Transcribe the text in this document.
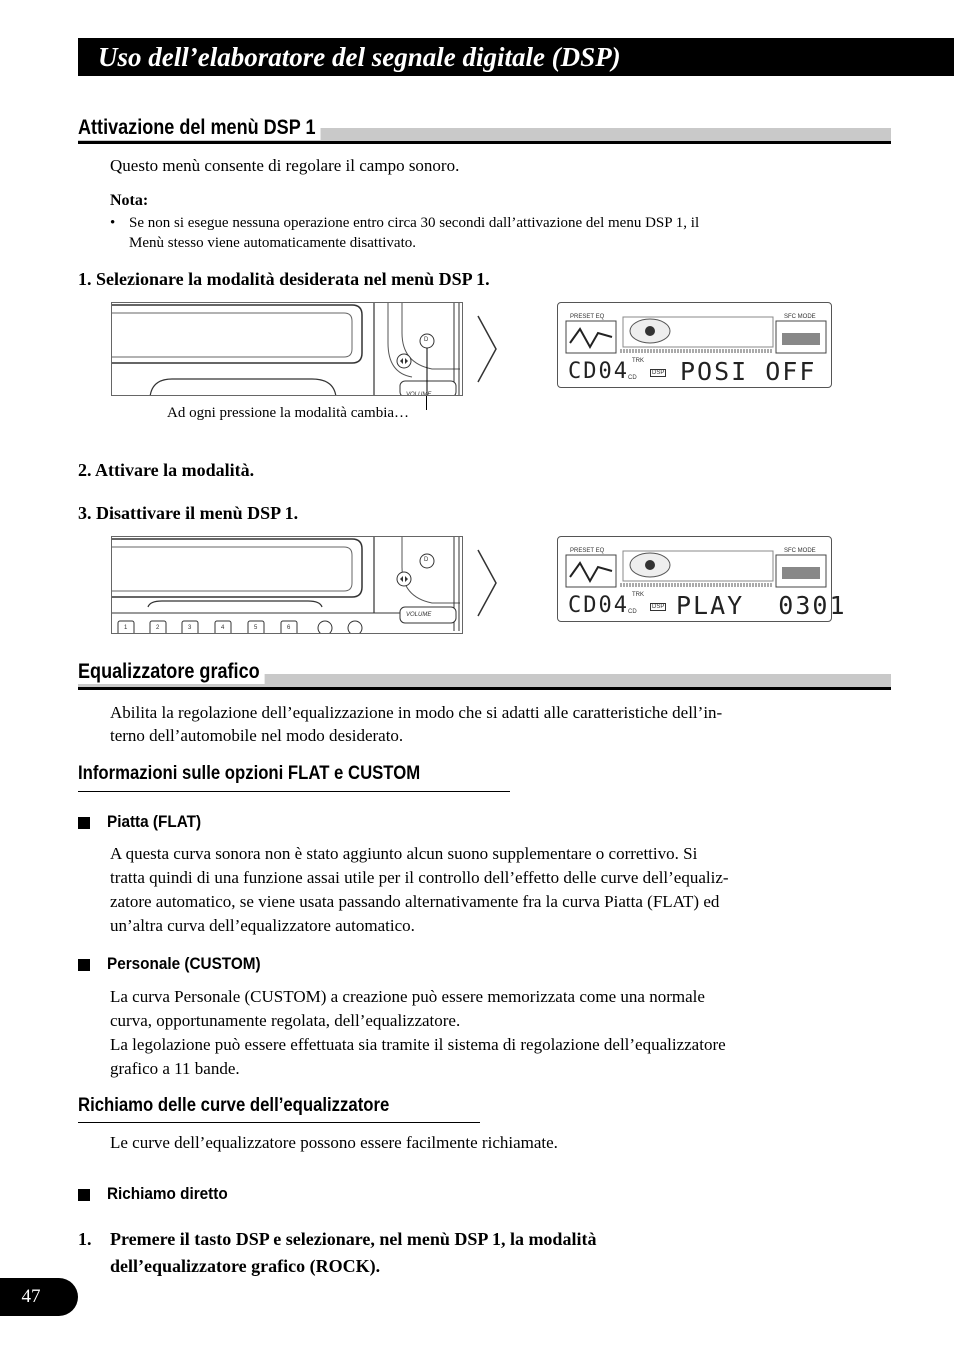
Uso dell’elaboratore del segnale digitale (DSP)
Attivazione del menù DSP 1
Questo menù consente di regolare il campo sonoro.
Nota:
• Se non si esegue nessuna operazione entro circa 30 secondi dall’attivazione del menu DSP 1, il
Menù stesso viene automaticamente disattivato.
1. Selezionare la modalità desiderata nel menù DSP 1.
D
VOLUME
Ad ogni pressione la modalità cambia…
PRESET EQ	SFC MODE
TRK
CD
DSP
CD04 POSI OFF
2. Attivare la modalità.
3. Disattivare il menù DSP 1.
D
VOLUME
1	2	3	4	5	6
PRESET EQ	SFC MODE
TRK
CD
DSP
CD04 PLAY  0301
Equalizzatore grafico
Abilita la regolazione dell’equalizzazione in modo che si adatti alle caratteristiche dell’in-
terno dell’automobile nel modo desiderato.
Informazioni sulle opzioni FLAT e CUSTOM
Piatta (FLAT)
A questa curva sonora non è stato aggiunto alcun suono supplementare o correttivo. Si
tratta quindi di una funzione assai utile per il controllo dell’effetto delle curve dell’equaliz-
zatore automatico, se viene usata passando alternativamente fra la curva Piatta (FLAT) ed
un’altra curva dell’equalizzatore automatico.
Personale (CUSTOM)
La curva Personale (CUSTOM) a creazione può essere memorizzata come una normale
curva, opportunamente regolata, dell’equalizzatore.
La legolazione può essere effettuata sia tramite il sistema di regolazione dell’equalizzatore
grafico a 11 bande.
Richiamo delle curve dell’equalizzatore
Le curve dell’equalizzatore possono essere facilmente richiamate.
Richiamo diretto
1. Premere il tasto DSP e selezionare, nel menù DSP 1, la modalità
dell’equalizzatore grafico (ROCK).
47
